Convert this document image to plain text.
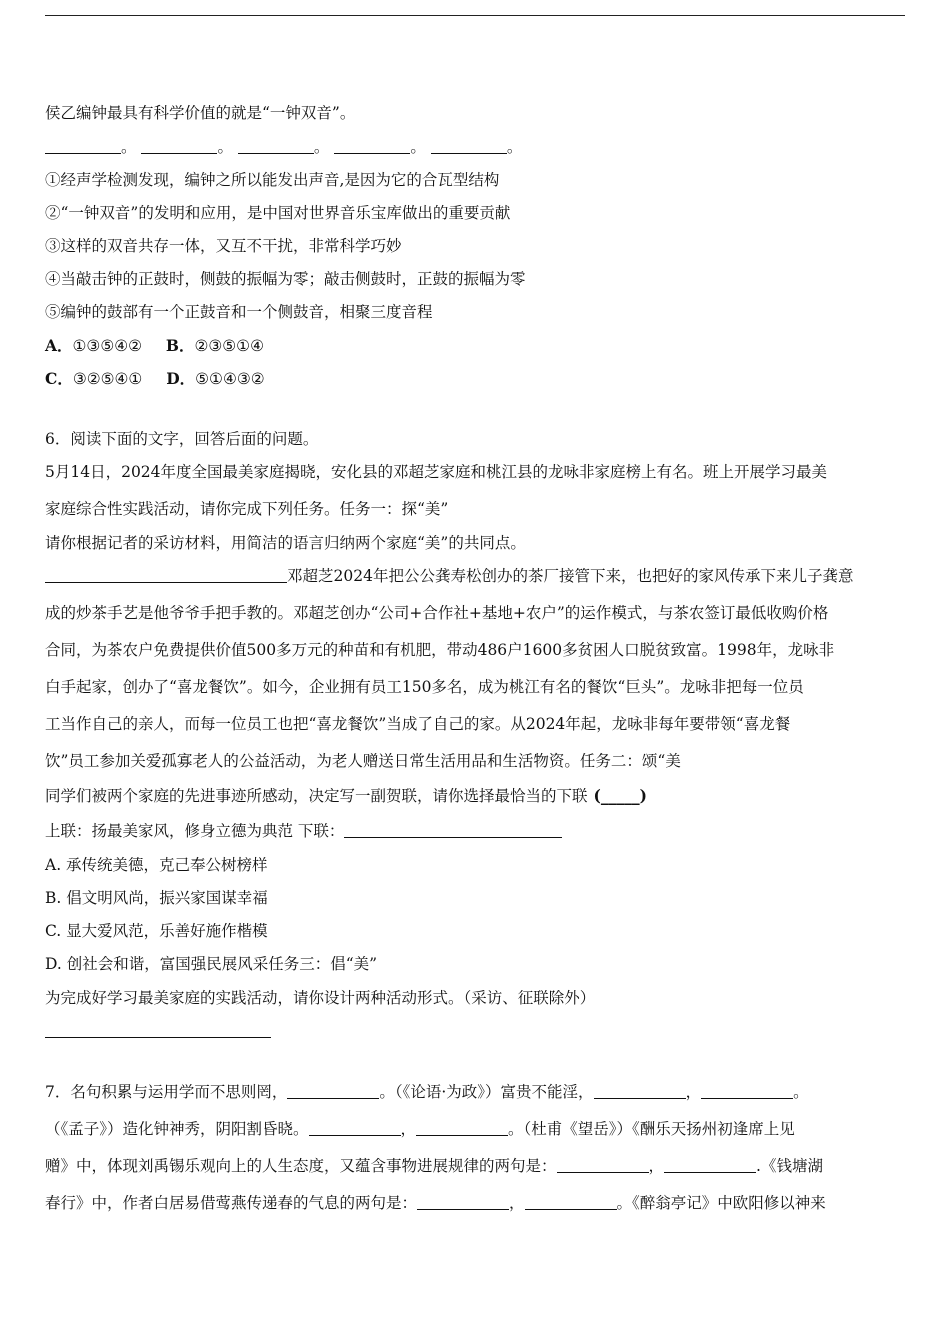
侯乙编钟最具有科学价值的就是“一钟双音”。
。	。	。	。	。
①经声学检测发现，编钟之所以能发出声音,是因为它的合瓦型结构
②“一钟双音”的发明和应用，是中国对世界音乐宝库做出的重要贡献
③这样的双音共存一体，又互不干扰，非常科学巧妙
④当敲击钟的正鼓时，侧鼓的振幅为零；敲击侧鼓时，正鼓的振幅为零
⑤编钟的鼓部有一个正鼓音和一个侧鼓音，相聚三度音程
A．①③⑤④② B．②③⑤①④
C．③②⑤④① D．⑤①④③②
6．阅读下面的文字，回答后面的问题。
5月14日，2024年度全国最美家庭揭晓，安化县的邓超芝家庭和桃江县的龙咏非家庭榜上有名。班上开展学习最美
家庭综合性实践活动，请你完成下列任务。任务一：探“美”
请你根据记者的采访材料，用简洁的语言归纳两个家庭“美”的共同点。
邓超芝2024年把公公龚寿松创办的茶厂接管下来，也把好的家风传承下来儿子龚意
成的炒茶手艺是他爷爷手把手教的。邓超芝创办“公司+合作社+基地+农户”的运作模式，与茶农签订最低收购价格
合同，为茶农户免费提供价值500多万元的种苗和有机肥，带动486户1600多贫困人口脱贫致富。1998年，龙咏非
白手起家，创办了“喜龙餐饮”。如今，企业拥有员工150多名，成为桃江有名的餐饮“巨头”。龙咏非把每一位员
工当作自己的亲人，而每一位员工也把“喜龙餐饮”当成了自己的家。从2024年起，龙咏非每年要带领“喜龙餐
饮”员工参加关爱孤寡老人的公益活动，为老人赠送日常生活用品和生活物资。任务二：颂“美
同学们被两个家庭的先进事迹所感动，决定写一副贺联，请你选择最恰当的下联 (_____)
上联：扬最美家风，修身立德为典范 下联：
A. 承传统美德，克己奉公树榜样
B. 倡文明风尚，振兴家国谋幸福
C. 显大爱风范，乐善好施作楷模
D. 创社会和谐，富国强民展风采任务三：倡“美”
为完成好学习最美家庭的实践活动，请你设计两种活动形式。（采访、征联除外）
7．名句积累与运用学而不思则罔，	。（《论语·为政》）富贵不能淫，	，	。
（《孟子》）造化钟神秀，阴阳割昏晓。	，	。（杜甫《望岳》）《酬乐天扬州初逢席上见
赠》中，体现刘禹锡乐观向上的人生态度，又蕴含事物进展规律的两句是：	，	.《钱塘湖
春行》中，作者白居易借莺燕传递春的气息的两句是：	，	。《醉翁亭记》中欧阳修以神来
